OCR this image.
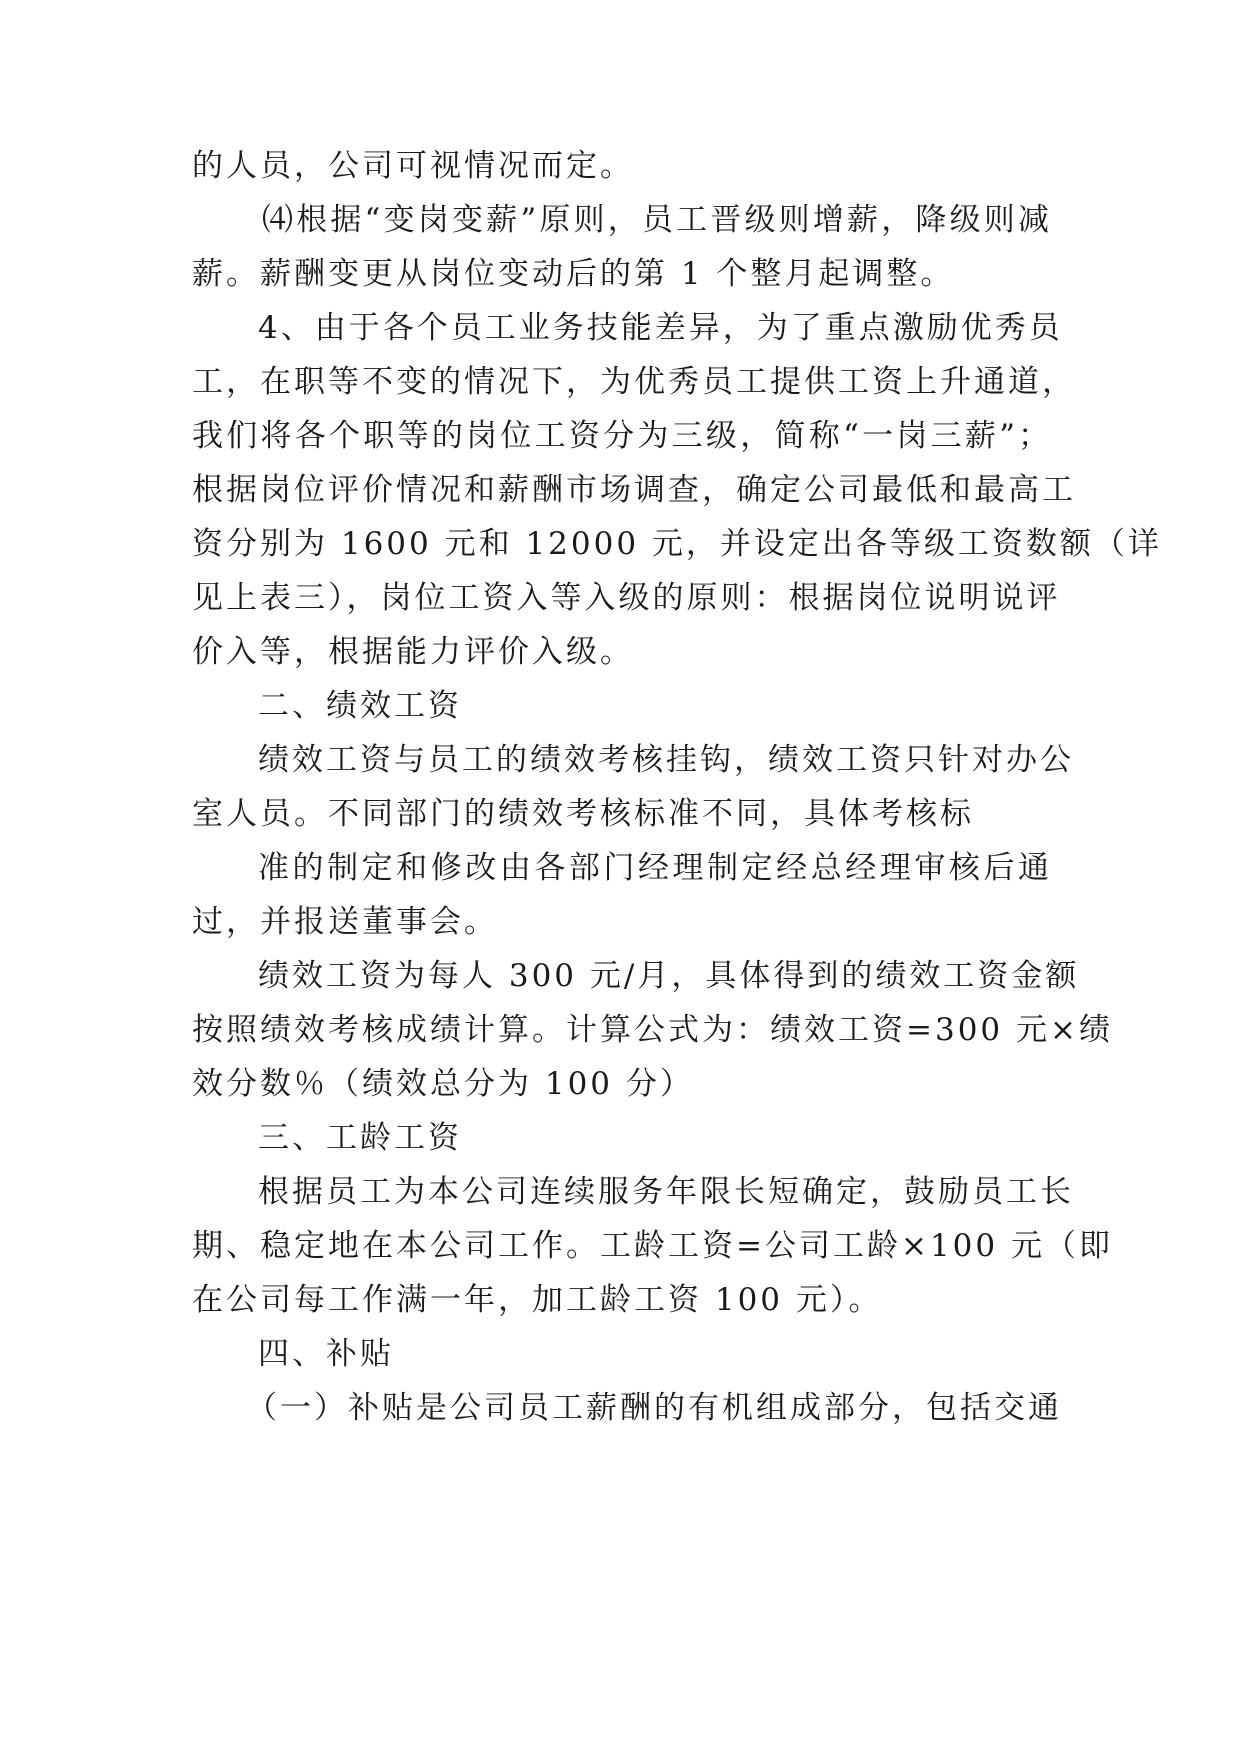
的人员，公司可视情况而定。

⑷根据“变岗变薪”原则，员工晋级则增薪，降级则减

薪。薪酬变更从岗位变动后的第 1 个整月起调整。

4、由于各个员工业务技能差异，为了重点激励优秀员

工，在职等不变的情况下，为优秀员工提供工资上升通道，

我们将各个职等的岗位工资分为三级，简称“一岗三薪”；

根据岗位评价情况和薪酬市场调查，确定公司最低和最高工

资分别为 1600 元和 12000 元，并设定出各等级工资数额（详

见上表三），岗位工资入等入级的原则：根据岗位说明说评

价入等，根据能力评价入级。

二、绩效工资

绩效工资与员工的绩效考核挂钩，绩效工资只针对办公

室人员。不同部门的绩效考核标准不同，具体考核标

准的制定和修改由各部门经理制定经总经理审核后通

过，并报送董事会。

绩效工资为每人 300 元/月，具体得到的绩效工资金额

按照绩效考核成绩计算。计算公式为：绩效工资=300 元×绩

效分数％（绩效总分为 100 分）

三、工龄工资

根据员工为本公司连续服务年限长短确定，鼓励员工长

期、稳定地在本公司工作。工龄工资=公司工龄×100 元（即

在公司每工作满一年，加工龄工资 100 元）。

四、补贴

（一）补贴是公司员工薪酬的有机组成部分，包括交通
